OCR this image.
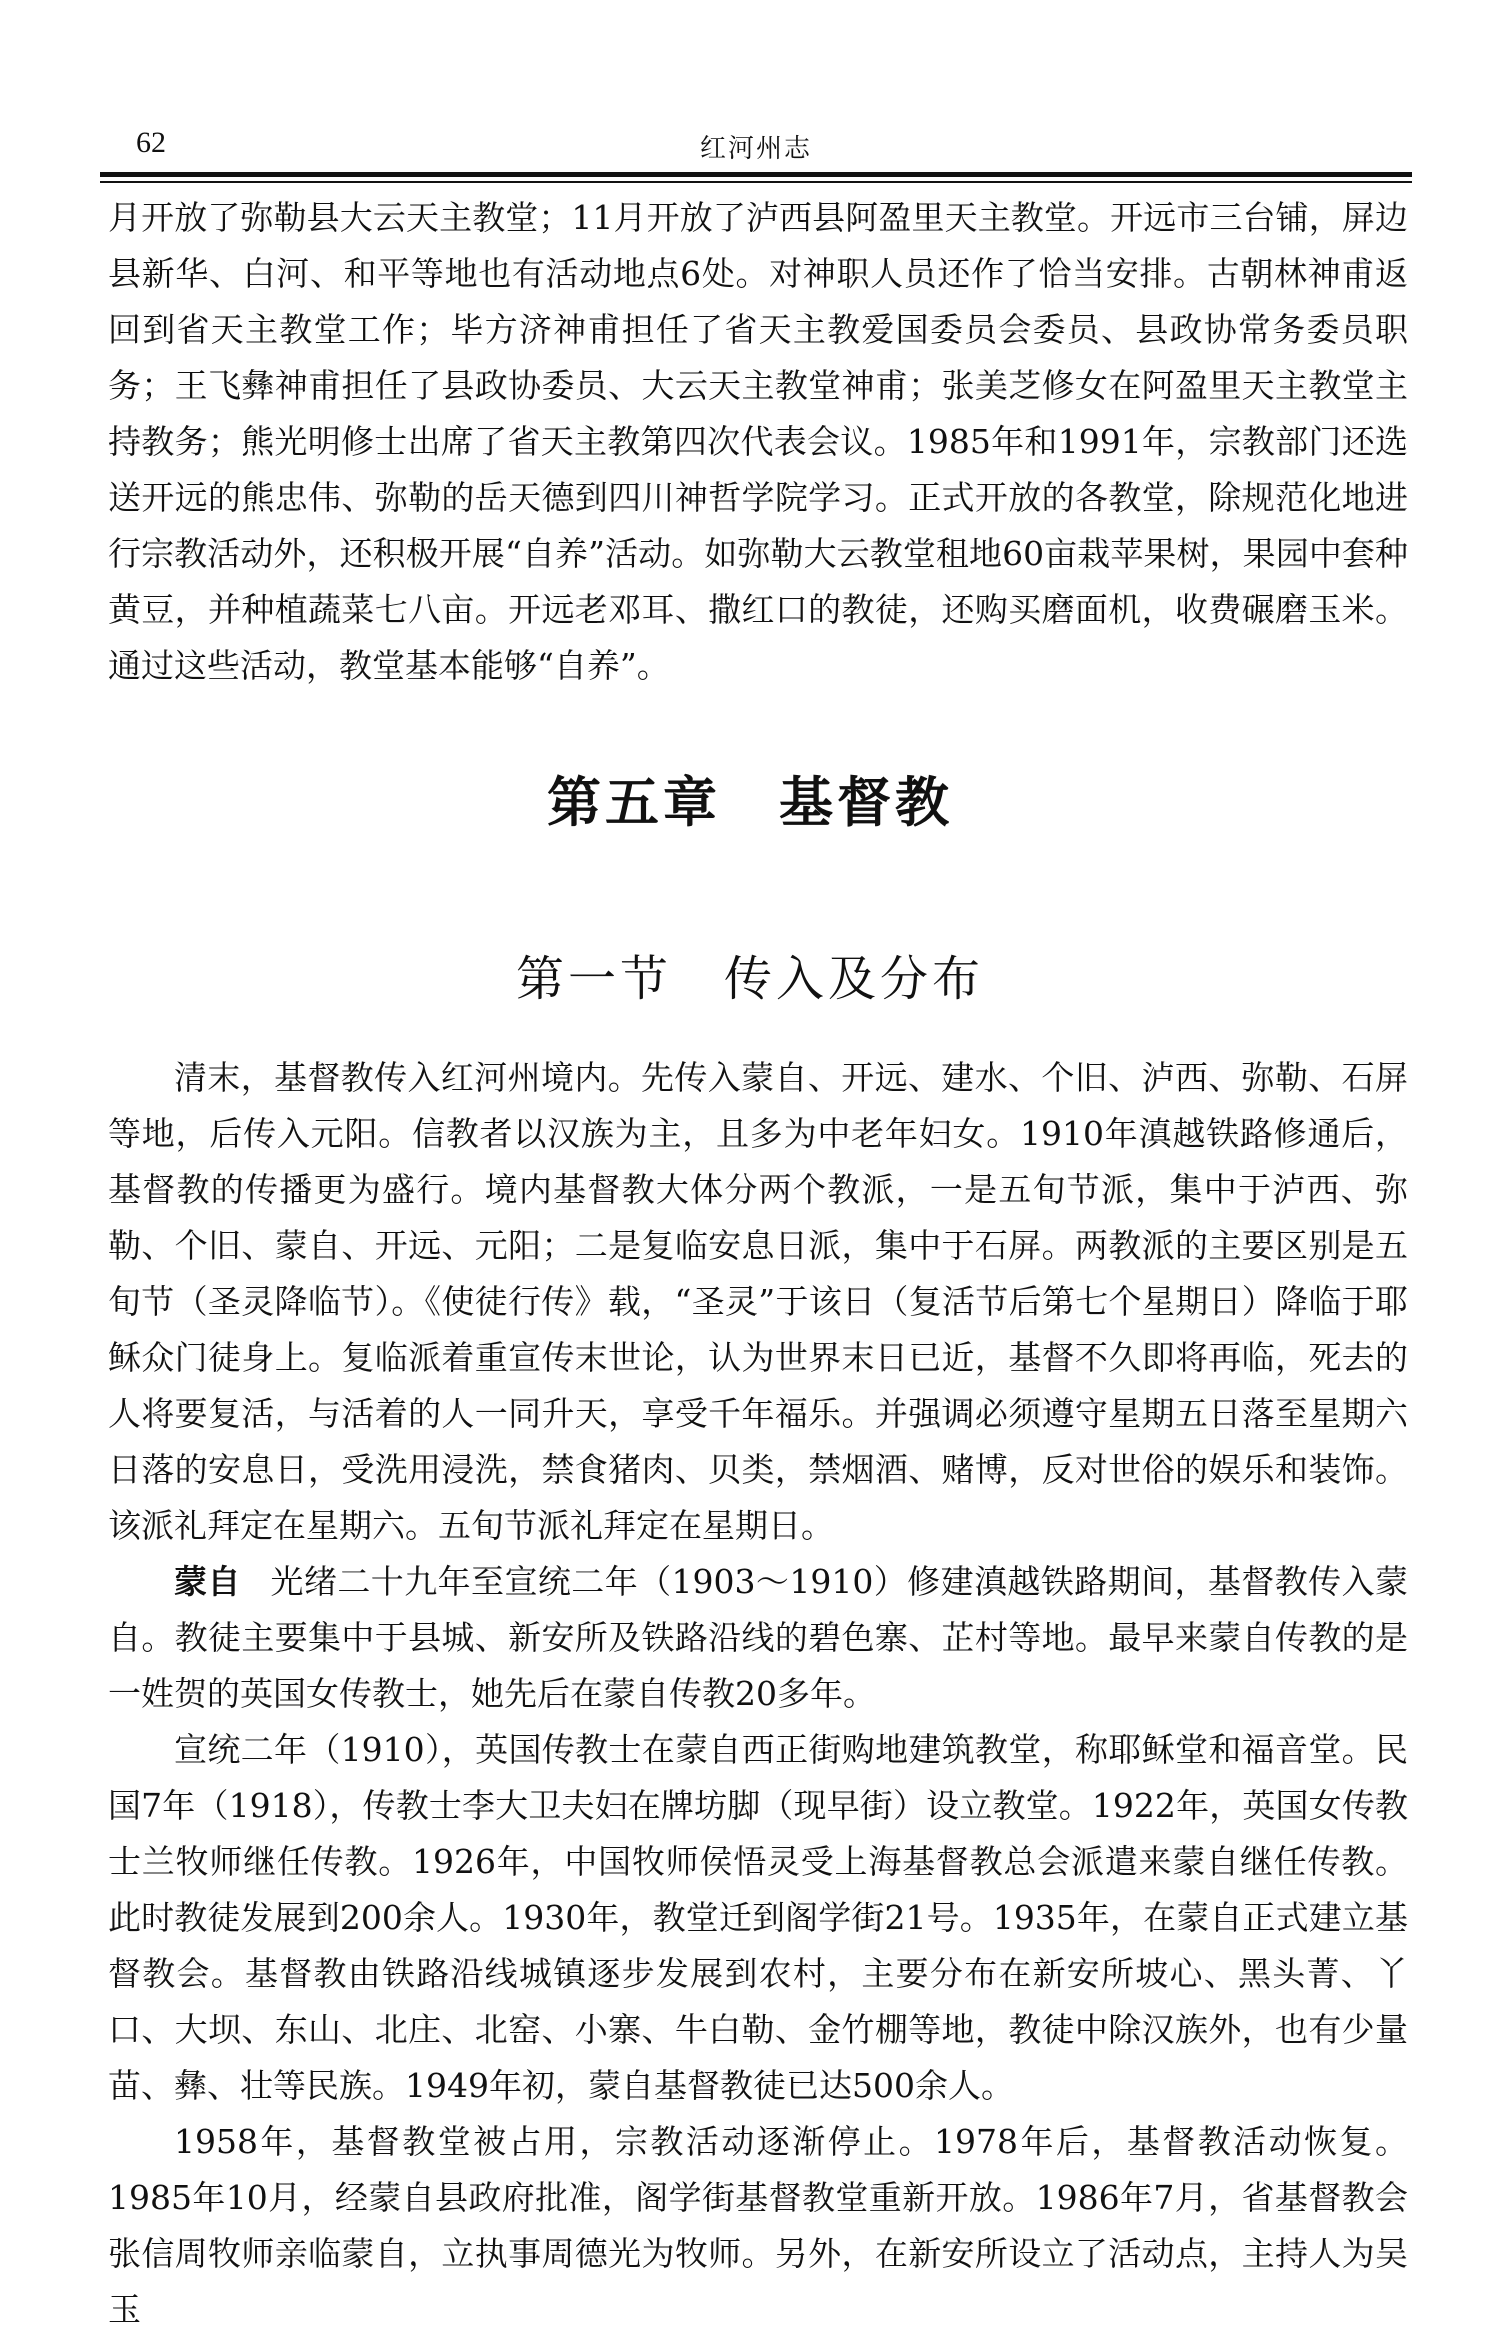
62	红河州志

月开放了弥勒县大云天主教堂；11月开放了泸西县阿盈里天主教堂。开远市三台铺，屏边县新华、白河、和平等地也有活动地点6处。对神职人员还作了恰当安排。古朝林神甫返回到省天主教堂工作；毕方济神甫担任了省天主教爱国委员会委员、县政协常务委员职务；王飞彝神甫担任了县政协委员、大云天主教堂神甫；张美芝修女在阿盈里天主教堂主持教务；熊光明修士出席了省天主教第四次代表会议。1985年和1991年，宗教部门还选送开远的熊忠伟、弥勒的岳天德到四川神哲学院学习。正式开放的各教堂，除规范化地进行宗教活动外，还积极开展“自养”活动。如弥勒大云教堂租地60亩栽苹果树，果园中套种黄豆，并种植蔬菜七八亩。开远老邓耳、撒红口的教徒，还购买磨面机，收费碾磨玉米。通过这些活动，教堂基本能够“自养”。

第五章　基督教
第一节　传入及分布

清末，基督教传入红河州境内。先传入蒙自、开远、建水、个旧、泸西、弥勒、石屏等地，后传入元阳。信教者以汉族为主，且多为中老年妇女。1910年滇越铁路修通后，基督教的传播更为盛行。境内基督教大体分两个教派，一是五旬节派，集中于泸西、弥勒、个旧、蒙自、开远、元阳；二是复临安息日派，集中于石屏。两教派的主要区别是五旬节（圣灵降临节）。《使徒行传》载，“圣灵”于该日（复活节后第七个星期日）降临于耶稣众门徒身上。复临派着重宣传末世论，认为世界末日已近，基督不久即将再临，死去的人将要复活，与活着的人一同升天，享受千年福乐。并强调必须遵守星期五日落至星期六日落的安息日，受洗用浸洗，禁食猪肉、贝类，禁烟酒、赌博，反对世俗的娱乐和装饰。该派礼拜定在星期六。五旬节派礼拜定在星期日。

蒙自 光绪二十九年至宣统二年（1903～1910）修建滇越铁路期间，基督教传入蒙自。教徒主要集中于县城、新安所及铁路沿线的碧色寨、芷村等地。最早来蒙自传教的是一姓贺的英国女传教士，她先后在蒙自传教20多年。

宣统二年（1910），英国传教士在蒙自西正街购地建筑教堂，称耶稣堂和福音堂。民国7年（1918），传教士李大卫夫妇在牌坊脚（现早街）设立教堂。1922年，英国女传教士兰牧师继任传教。1926年，中国牧师侯悟灵受上海基督教总会派遣来蒙自继任传教。此时教徒发展到200余人。1930年，教堂迁到阁学街21号。1935年，在蒙自正式建立基督教会。基督教由铁路沿线城镇逐步发展到农村，主要分布在新安所坡心、黑头菁、丫口、大坝、东山、北庄、北窑、小寨、牛白勒、金竹棚等地，教徒中除汉族外，也有少量苗、彝、壮等民族。1949年初，蒙自基督教徒已达500余人。

1958年，基督教堂被占用，宗教活动逐渐停止。1978年后，基督教活动恢复。1985年10月，经蒙自县政府批准，阁学街基督教堂重新开放。1986年7月，省基督教会张信周牧师亲临蒙自，立执事周德光为牧师。另外，在新安所设立了活动点，主持人为吴玉
